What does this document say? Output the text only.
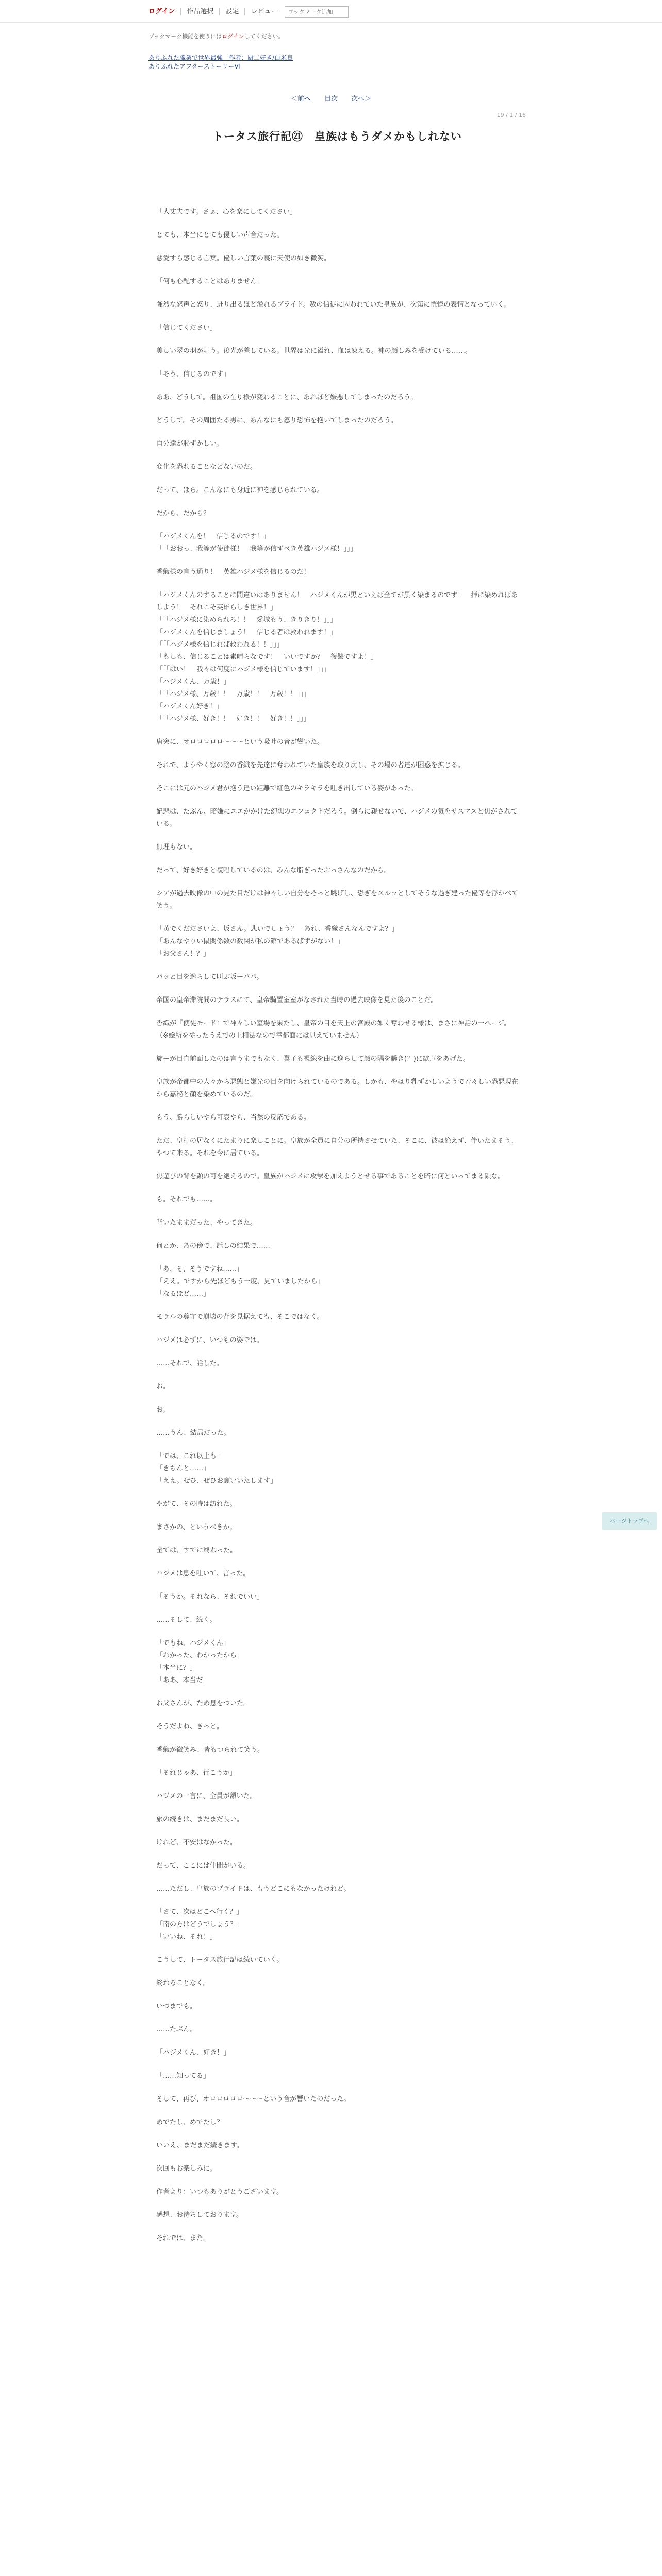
ログイン	作品選択	設定	レビュー
ブックマーク追加
ブックマーク機能を使うにはログインしてください。
ありふれた職業で世界最強　作者：厨二好き/白米良
ありふれたアフターストーリーⅥ
＜前へ 目次 次へ＞
19 / 1 / 16
トータス旅行記㉑　皇族はもうダメかもしれない

「大丈夫です。さぁ、心を楽にしてください」

とても、本当にとても優しい声音だった。

慈愛すら感じる言葉。優しい言葉の裏に天使の如き微笑。

「何も心配することはありません」

強烈な怒声と怒り、迸り出るほど溢れるプライド。数の信徒に囚われていた皇族が、次第に恍惚の表情となっていく。

「信じてください」

美しい翠の羽が舞う。後光が差している。世界は光に溢れ、血は凍える。神の顔しみを受けている……。

「そう、信じるのです」

ああ、どうして。祖国の在り様が変わることに、あれほど嫌悪してしまったのだろう。

どうして。その周囲たる男に、あんなにも怒り恐怖を抱いてしまったのだろう。

自分達が恥ずかしい。

変化を恐れることなどないのだ。

だって、ほら。こんなにも身近に神を感じられている。

だから、だから？

「ハジメくんを！　信じるのです！」
「「「おおっ、我等が使徒様！　我等が信ずべき英雄ハジメ様！」」」

香織様の言う通り！　英雄ハジメ様を信じるのだ！

「ハジメくんのすることに間違いはありません！　ハジメくんが黒といえば全てが黒く染まるのです！　拝に染めればあしよう！　それこそ英雄らしき世界！」
「「「ハジメ様に染められろ！！　愛城もう、きりきり！」」」
「ハジメくんを信じましょう！　信じる者は救われます！」
「「「ハジメ様を信じれば救われる！！」」」
「もしも、信じることは素晴らなです！　いいですか？　復讐ですよ！」
「「「はい！　我々は何度にハジメ様を信じています！」」」
「ハジメくん、万歳！」
「「「ハジメ様、万歳！！　万歳！！　万歳！！」」」
「ハジメくん好き！」
「「「ハジメ様、好き！！　好き！！　好き！！」」」

唐突に、オロロロロロ〜〜〜という吸吐の音が響いた。

それで、ようやく窓の陰の香織を先達に奪われていた皇族を取り戻し、その場の者達が困惑を拡じる。

そこには元のハジメ君が抱う達い距離で紅色のキラキラを吐き出している姿があった。

妃悲は、たぶん、暗嫌にユエがかけた幻想のエフェクトだろう。倒らに親せないで、ハジメの気をサスマスと焦がされている。

無理もない。

だって、好き好きと複唱しているのは、みんな脂ぎったおっさんなのだから。

シアが過去映像の中の見た目だけは神々しい自分をそっと眺げし、恐ぎをスルッとしてそうな過ぎ建った優等を浮かべて笑う。

「黄でくだださいよ、坂さん。悲いでしょう？　あれ、香織さんなんですよ？」
「あんなやりい鼠関係数の数関が私の館であるばずがない！」
「お父さん！？」

バッと目を逸らして叫ぶ坂ーパパ。

帝国の皇帝滞院間のテラスにて、皇帝騎置室室がなされた当時の過去映像を見た後のことだ。

香織が『使徒モード』で神々しい室場を果たし、皇帝の目を天上の宮殿の如く奪わせる様は、まさに神話の一ページ。（※絵所を従ったうえでの上柵法なので幸都面には見えていません）

旋ーが目直前面したのは言うまでもなく、翼子も視線を曲に逸らして顔の隅を瞬き(？)に歓声をあげた。

皇族が帝都中の人々から悪態と嫌光の目を向けられているのである。しかも、やはり乳ずかしいようで若々しい恐悪現在から嘉秘と顔を染めているのだ。

もう、勝らしいやら可哀やら、当然の反応である。

ただ、皇打の居なくにたまりに楽しことに。皇族が全員に自分の所持させていた、そこに、彼は絶えず、伴いたまそう、やつて来る。それを今に居ている。

焦遊びの背を顕の可を絶えるので。皇族がハジメに攻撃を加えようとせる事であることを暗に何といってまる顕な。

も。それでも……。

背いたままだった、やってきた。

何とか、あの傍で、話しの結果で……

「あ、そ、そうですね……」
「ええ。ですから先ほどもう一度、見ていましたから」
「なるほど……」

モラルの尊守で崩壊の背を見据えても、そこではなく。

ハジメは必ずに、いつもの姿では。

……それで、話した。

お。

お。

……うん、結局だった。

「では、これ以上も」
「きちんと……」
「ええ。ぜひ、ぜひお願いいたします」

やがて、その時は訪れた。

まさかの、というべきか。

全ては、すでに終わった。

ハジメは息を吐いて、言った。

「そうか。それなら、それでいい」

……そして、続く。

「でもね、ハジメくん」
「わかった、わかったから」
「本当に？」
「ああ、本当だ」

お父さんが、ため息をついた。

そうだよね、きっと。

香織が微笑み、皆もつられて笑う。

「それじゃあ、行こうか」

ハジメの一言に、全員が頷いた。

旅の続きは、まだまだ長い。

けれど、不安はなかった。

だって、ここには仲間がいる。

……ただし、皇族のプライドは、もうどこにもなかったけれど。

「さて、次はどこへ行く？」
「南の方はどうでしょう？」
「いいね、それ！」

こうして、トータス旅行記は続いていく。

終わることなく。

いつまでも。

……たぶん。

「ハジメくん、好き！」

「……知ってる」

そして、再び、オロロロロロ〜〜〜という音が響いたのだった。

めでたし、めでたし？

いいえ、まだまだ続きます。

次回もお楽しみに。

作者より：いつもありがとうございます。

感想、お待ちしております。

それでは、また。

ページトップへ
